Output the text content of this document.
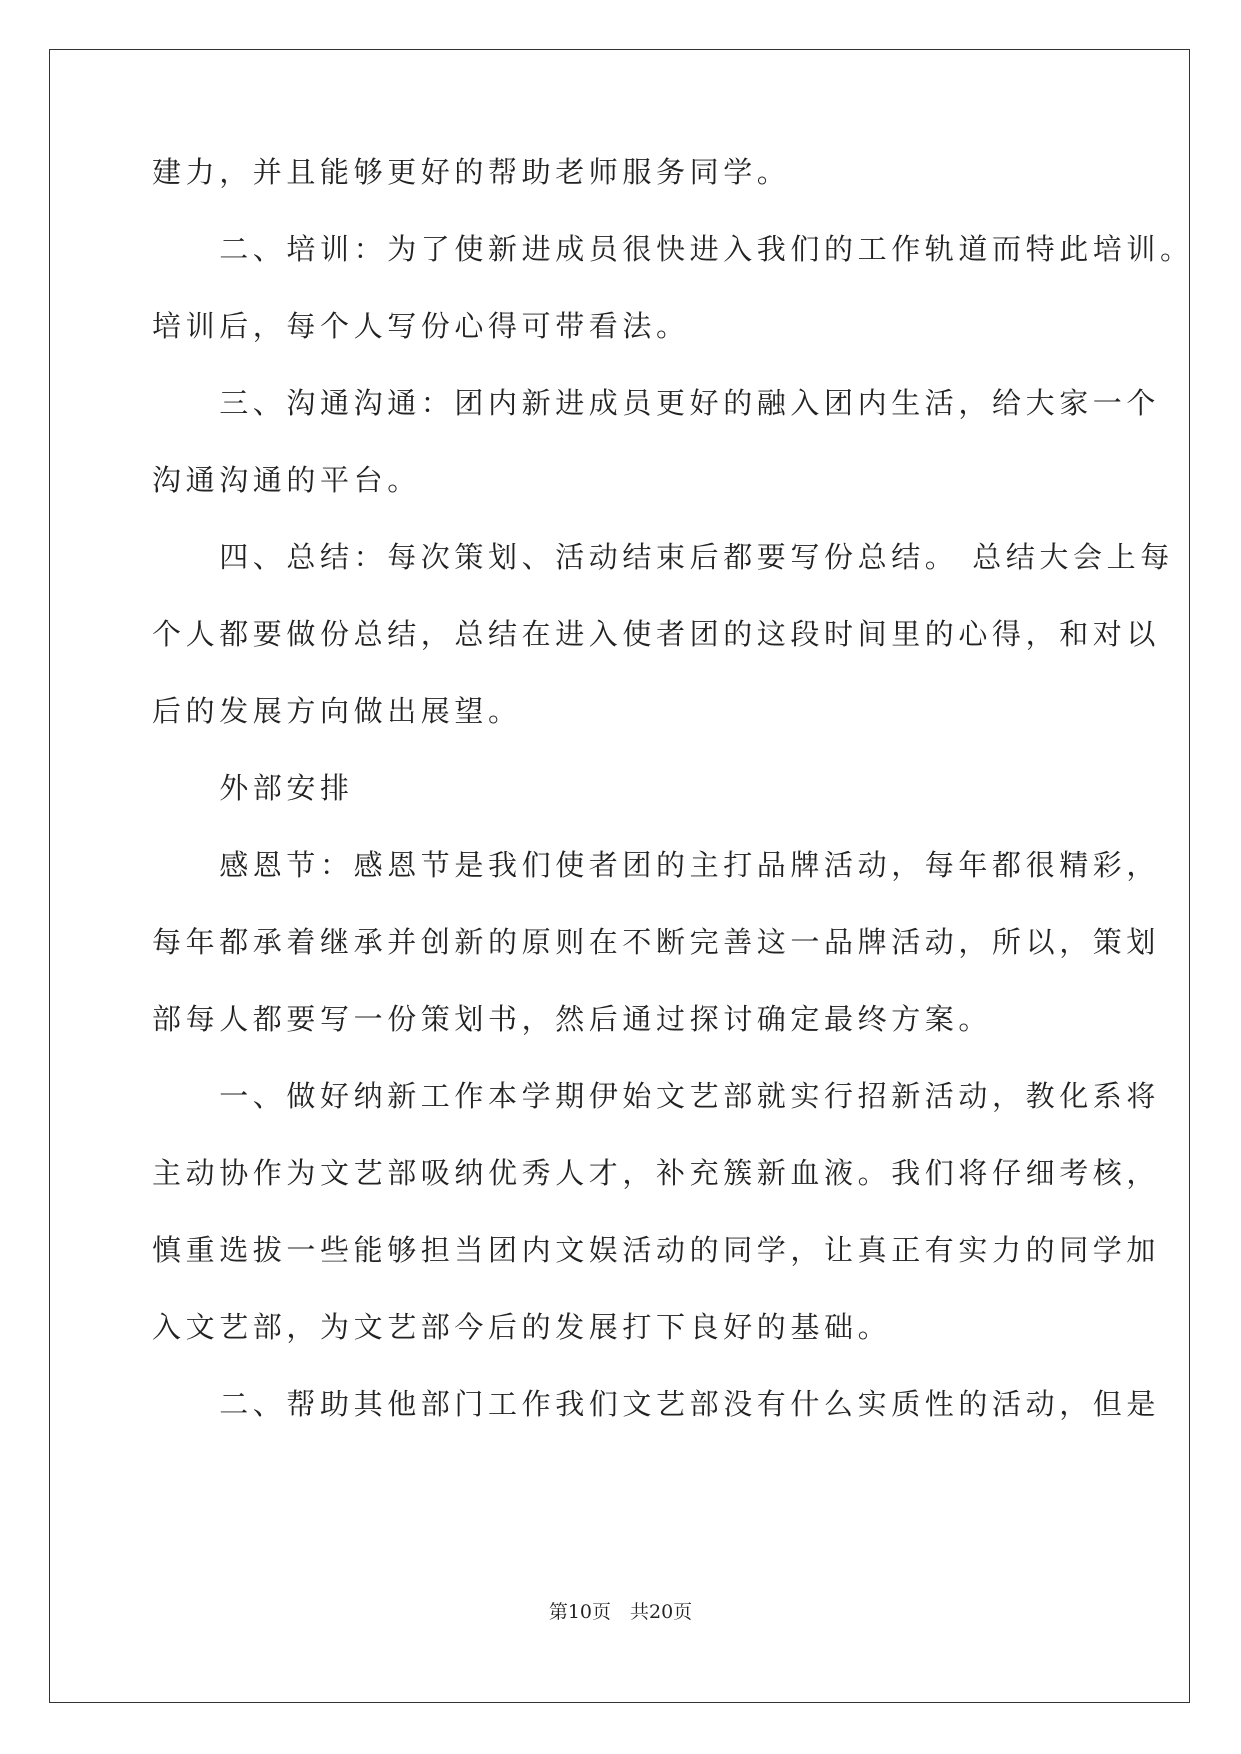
建力，并且能够更好的帮助老师服务同学。
　　二、培训：为了使新进成员很快进入我们的工作轨道而特此培训。
培训后，每个人写份心得可带看法。
　　三、沟通沟通：团内新进成员更好的融入团内生活，给大家一个
沟通沟通的平台。
　　四、总结：每次策划、活动结束后都要写份总结。 总结大会上每
个人都要做份总结，总结在进入使者团的这段时间里的心得，和对以
后的发展方向做出展望。
　　外部安排
　　感恩节：感恩节是我们使者团的主打品牌活动，每年都很精彩，
每年都承着继承并创新的原则在不断完善这一品牌活动，所以，策划
部每人都要写一份策划书，然后通过探讨确定最终方案。
　　一、做好纳新工作本学期伊始文艺部就实行招新活动，教化系将
主动协作为文艺部吸纳优秀人才，补充簇新血液。我们将仔细考核，
慎重选拔一些能够担当团内文娱活动的同学，让真正有实力的同学加
入文艺部，为文艺部今后的发展打下良好的基础。
　　二、帮助其他部门工作我们文艺部没有什么实质性的活动，但是
第10页　共20页
